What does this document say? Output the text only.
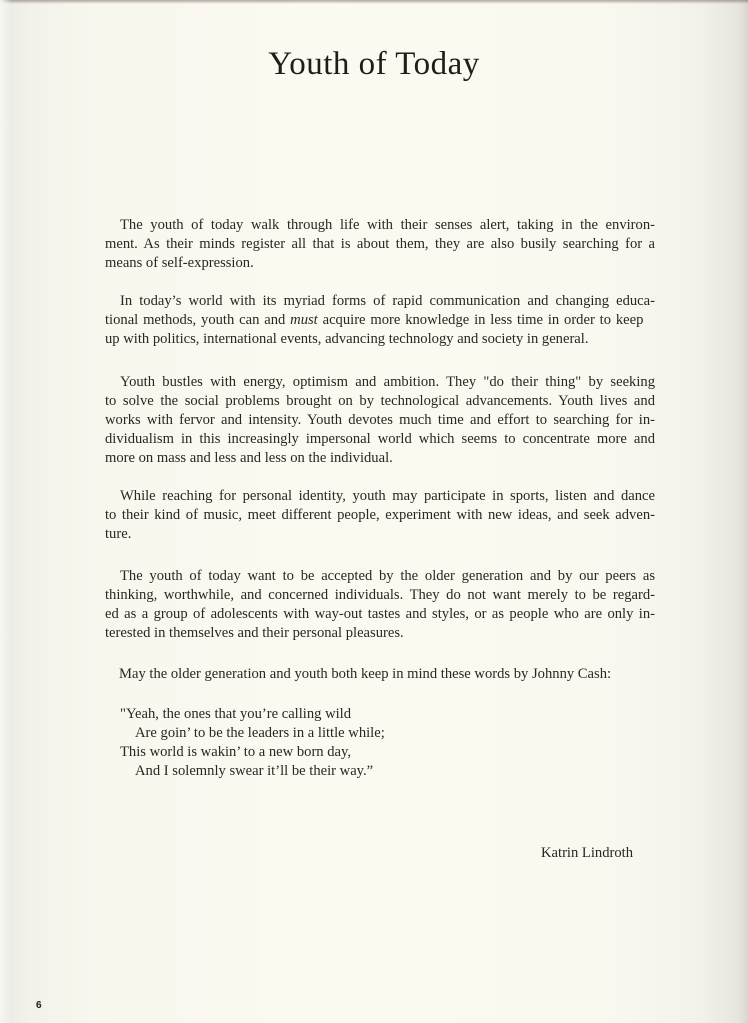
Youth of Today
The youth of today walk through life with their senses alert, taking in the environ-
ment. As their minds register all that is about them, they are also busily searching for a
means of self-expression.
In today’s world with its myriad forms of rapid communication and changing educa-
tional methods, youth can and
must
acquire more knowledge in less time in order to keep
up with politics, international events, advancing technology and society in general.
Youth bustles with energy, optimism and ambition. They "do their thing" by seeking
to solve the social problems brought on by technological advancements. Youth lives and
works with fervor and intensity. Youth devotes much time and effort to searching for in-
dividualism in this increasingly impersonal world which seems to concentrate more and
more on mass and less and less on the individual.
While reaching for personal identity, youth may participate in sports, listen and dance
to their kind of music, meet different people, experiment with new ideas, and seek adven-
ture.
The youth of today want to be accepted by the older generation and by our peers as
thinking, worthwhile, and concerned individuals. They do not want merely to be regard-
ed as a group of adolescents with way-out tastes and styles, or as people who are only in-
terested in themselves and their personal pleasures.
May the older generation and youth both keep in mind these words by Johnny Cash:
"Yeah, the ones that you’re calling wild
Are goin’ to be the leaders in a little while;
This world is wakin’ to a new born day,
And I solemnly swear it’ll be their way.”
Katrin Lindroth
6
